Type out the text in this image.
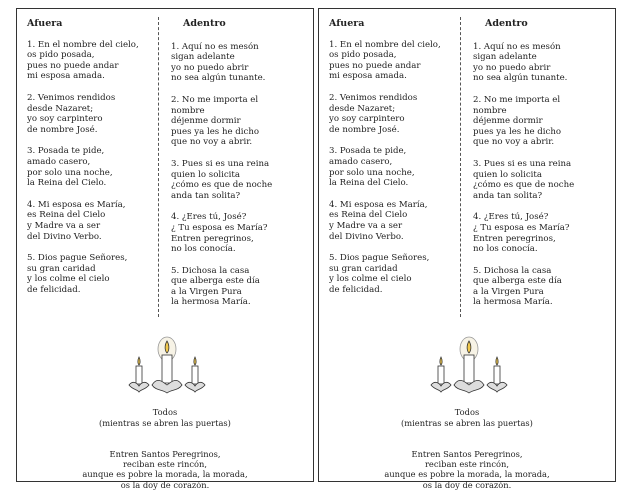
Afuera
1. En el nombre del cielo,
os pido posada,
pues no puede andar
mi esposa amada.
2. Venimos rendidos
desde Nazaret;
yo soy carpintero
de nombre José.
3. Posada te pide,
amado casero,
por solo una noche,
la Reina del Cielo.
4. Mi esposa es María,
es Reina del Cielo
y Madre va a ser
del Divino Verbo.
5. Dios pague Señores,
su gran caridad
y los colme el cielo
de felicidad.
Adentro
1. Aquí no es mesón
sigan adelante
yo no puedo abrir
no sea algún tunante.
2. No me importa el
nombre
déjenme dormir
pues ya les he dicho
que no voy a abrir.
3. Pues si es una reina
quien lo solicita
¿cómo es que de noche
anda tan solita?
4. ¿Eres tú, José?
¿ Tu esposa es María?
Entren peregrinos,
no los conocía.
5. Dichosa la casa
que alberga este día
a la Virgen Pura
la hermosa María.

Todos
(mientras se abren las puertas)

Entren Santos Peregrinos,
reciban este rincón,
aunque es pobre la morada, la morada,
os la doy de corazón.

Afuera
1. En el nombre del cielo,
os pido posada,
pues no puede andar
mi esposa amada.
2. Venimos rendidos
desde Nazaret;
yo soy carpintero
de nombre José.
3. Posada te pide,
amado casero,
por solo una noche,
la Reina del Cielo.
4. Mi esposa es María,
es Reina del Cielo
y Madre va a ser
del Divino Verbo.
5. Dios pague Señores,
su gran caridad
y los colme el cielo
de felicidad.
Adentro
1. Aquí no es mesón
sigan adelante
yo no puedo abrir
no sea algún tunante.
2. No me importa el
nombre
déjenme dormir
pues ya les he dicho
que no voy a abrir.
3. Pues si es una reina
quien lo solicita
¿cómo es que de noche
anda tan solita?
4. ¿Eres tú, José?
¿ Tu esposa es María?
Entren peregrinos,
no los conocía.
5. Dichosa la casa
que alberga este día
a la Virgen Pura
la hermosa María.

Todos
(mientras se abren las puertas)

Entren Santos Peregrinos,
reciban este rincón,
aunque es pobre la morada, la morada,
os la doy de corazón.
